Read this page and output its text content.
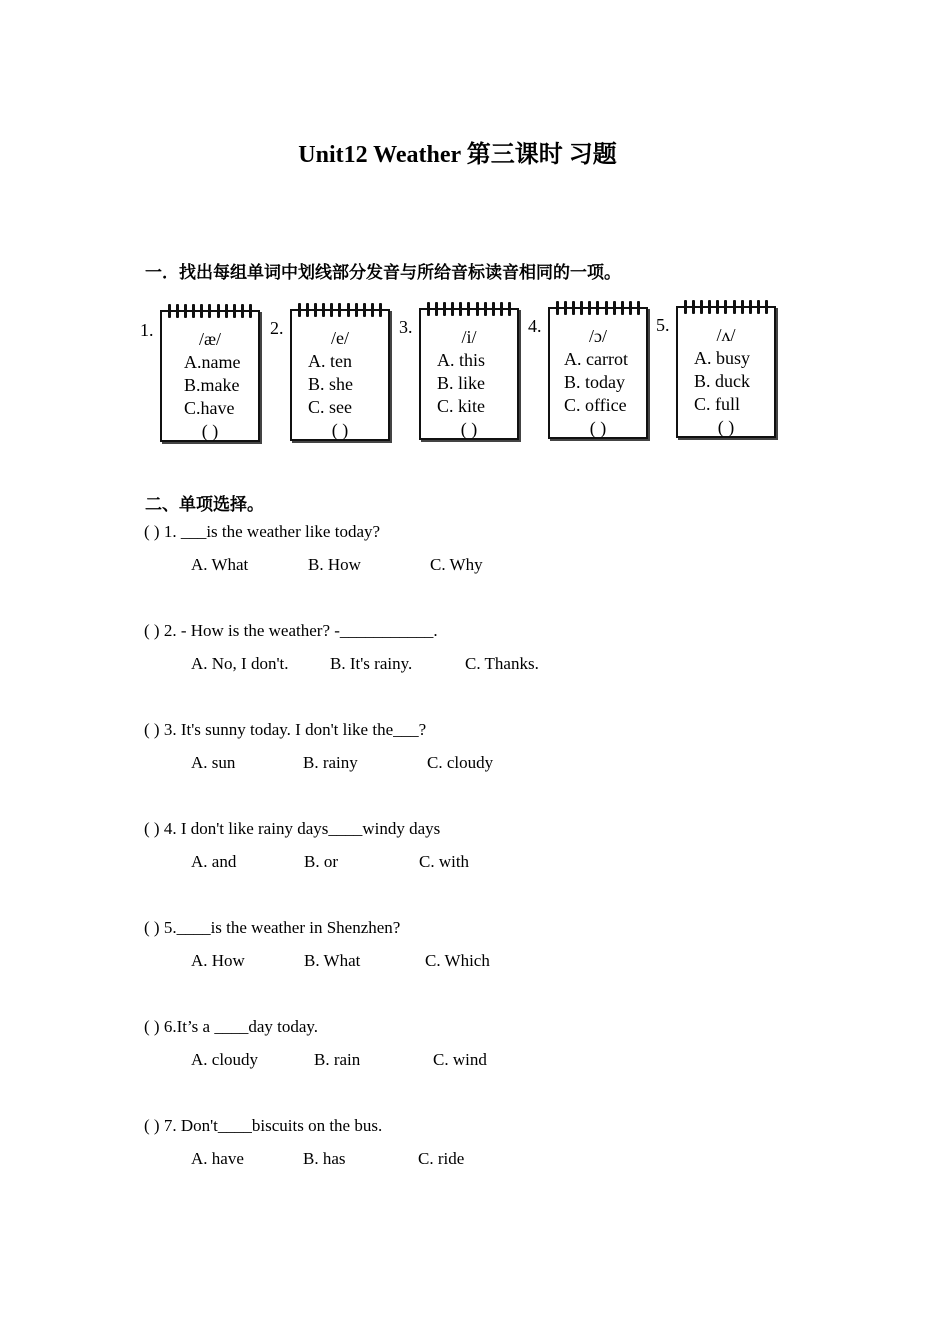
Unit12 Weather 第三课时 习题
一．找出每组单词中划线部分发音与所给音标读音相同的一项。
1.	/æ/
A.name
B.make
C.have
( )
2.	/e/
A. ten
B. she
C. see
( )
3.	/i/
A. this
B. like
C. kite
( )
4.	/ɔ/
A. carrot
B. today
C. office
( )
5.	/ʌ/
A. busy
B. duck
C. full
( )
二、单项选择。
( ) 1. ___is the weather like today?
A. What	B. How	C. Why
( ) 2. - How is the weather? -___________.
A. No, I don't. B. It's rainy.	C. Thanks.
( ) 3. It's sunny today. I don't like the___?
A. sun	B. rainy	C. cloudy
( ) 4. I don't like rainy days____windy days
A. and	B. or	C. with
( ) 5.____is the weather in Shenzhen?
A. How	B. What	C. Which
( ) 6.It’s a ____day today.
A. cloudy	B. rain	C. wind
( ) 7. Don't____biscuits on the bus.
A. have	B. has	C. ride
